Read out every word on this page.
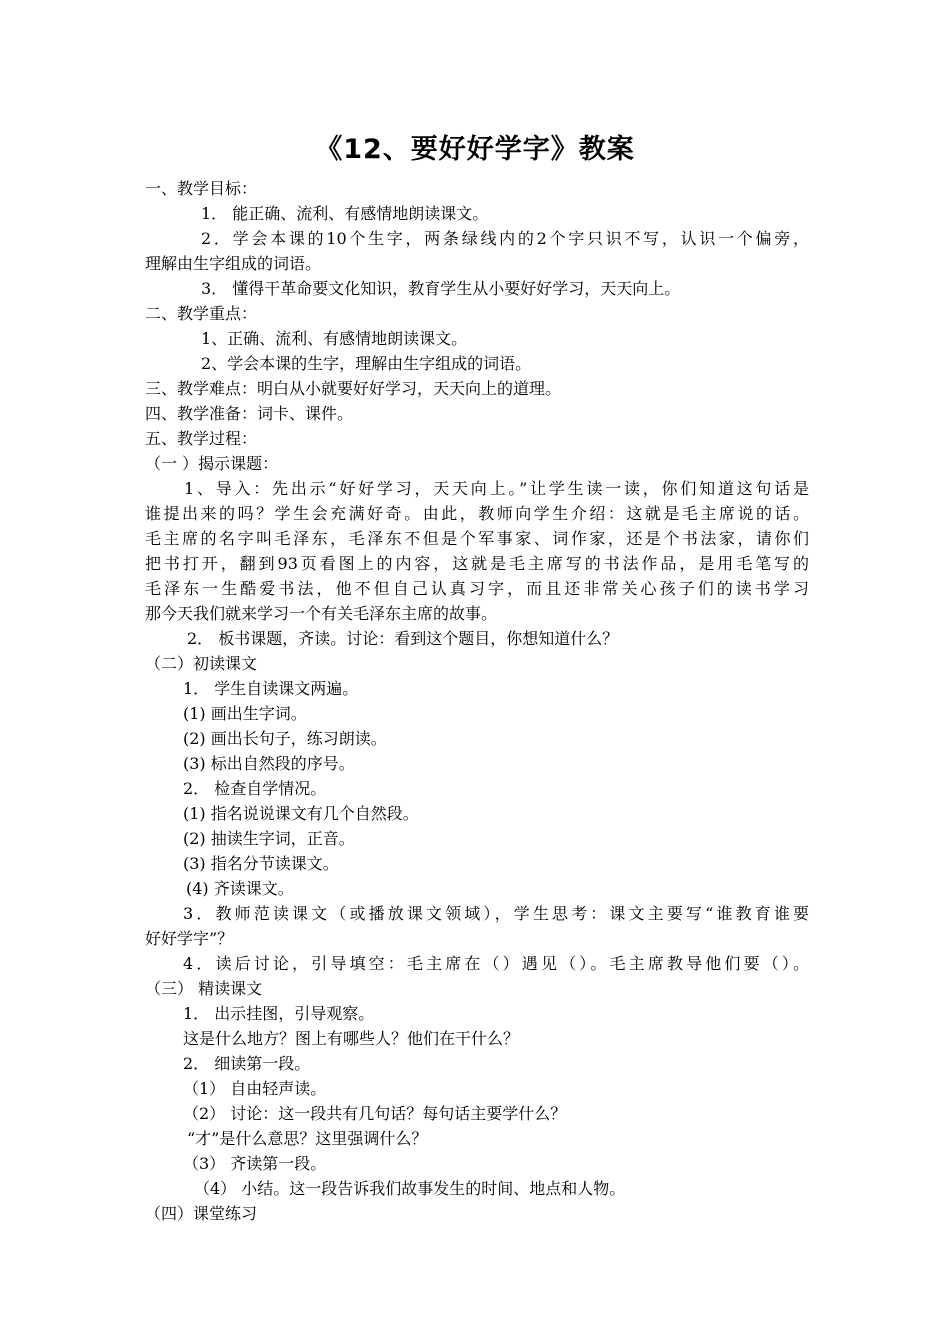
《12、要好好学字》教案
一、教学目标：
1． 能正确、流利、有感情地朗读课文。
2．学会本课的10个生字，两条绿线内的2个字只识不写，认识一个偏旁，
理解由生字组成的词语。
3． 懂得干革命要文化知识，教育学生从小要好好学习，天天向上。
二、教学重点：
1、正确、流利、有感情地朗读课文。
2、学会本课的生字，理解由生字组成的词语。
三、教学难点：明白从小就要好好学习，天天向上的道理。
四、教学准备：词卡、课件。
五、教学过程：
（一 ）揭示课题：
1、导入：先出示“好好学习，天天向上。”让学生读一读，你们知道这句话是
谁提出来的吗？学生会充满好奇。由此，教师向学生介绍：这就是毛主席说的话。
毛主席的名字叫毛泽东，毛泽东不但是个军事家、词作家，还是个书法家，请你们
把书打开，翻到93页看图上的内容，这就是毛主席写的书法作品，是用毛笔写的
毛泽东一生酷爱书法，他不但自己认真习字，而且还非常关心孩子们的读书学习
那今天我们就来学习一个有关毛泽东主席的故事。
2． 板书课题，齐读。讨论：看到这个题目，你想知道什么？
（二）初读课文
1． 学生自读课文两遍。
(1) 画出生字词。
(2) 画出长句子，练习朗读。
(3) 标出自然段的序号。
2． 检查自学情况。
(1) 指名说说课文有几个自然段。
(2) 抽读生字词，正音。
(3) 指名分节读课文。
(4) 齐读课文。
3．教师范读课文（或播放课文领域），学生思考：课文主要写“谁教育谁要
好好学字”？
4．读后讨论，引导填空：毛主席在（）遇见（）。毛主席教导他们要（）。
（三） 精读课文
1． 出示挂图，引导观察。
这是什么地方？图上有哪些人？他们在干什么？
2． 细读第一段。
（1） 自由轻声读。
（2） 讨论：这一段共有几句话？每句话主要学什么？
“才”是什么意思？这里强调什么？
（3） 齐读第一段。
（4） 小结。这一段告诉我们故事发生的时间、地点和人物。
（四）课堂练习
